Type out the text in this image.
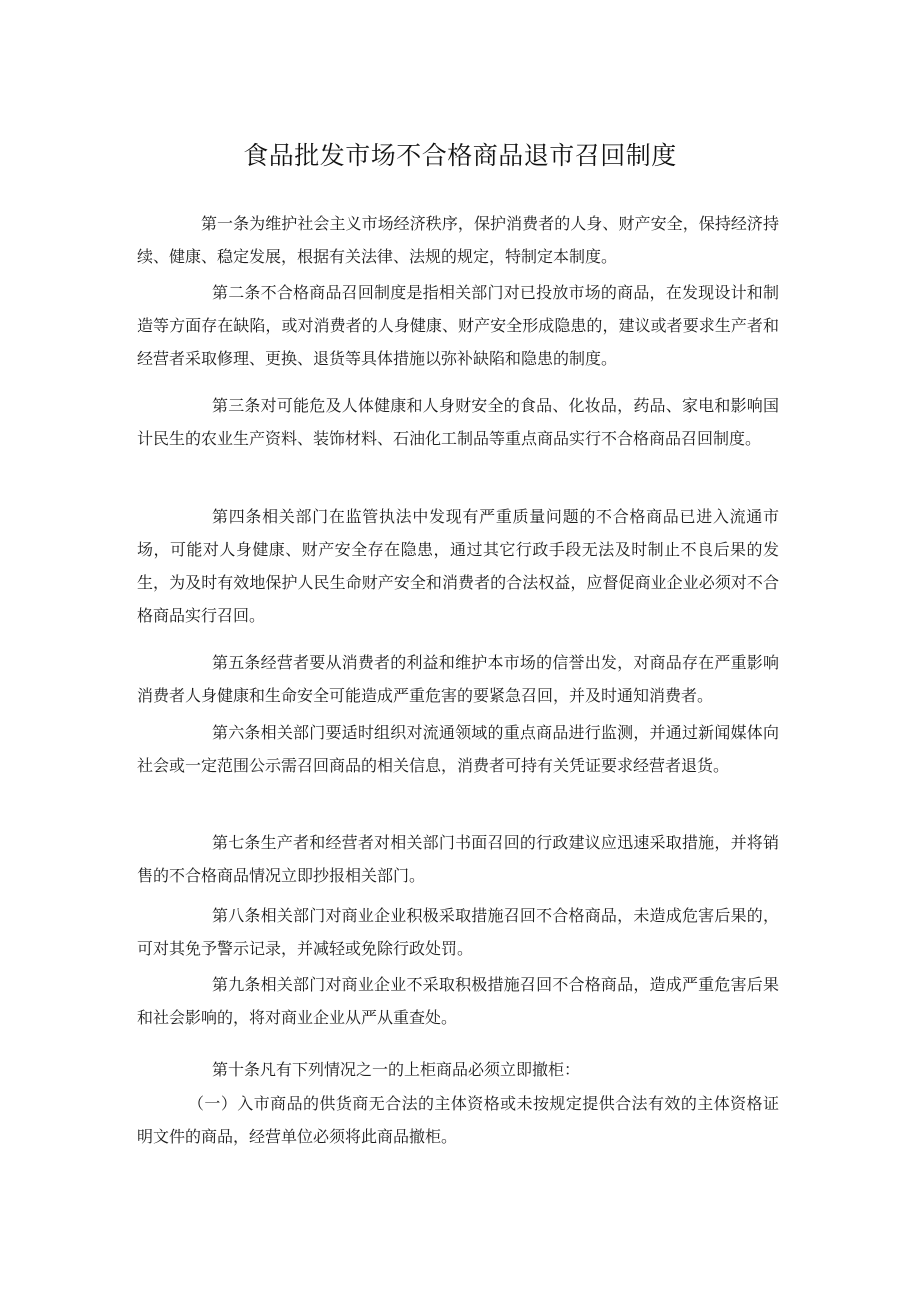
食品批发市场不合格商品退市召回制度

第一条为维护社会主义市场经济秩序，保护消费者的人身、财产安全，保持经济持续、健康、稳定发展，根据有关法律、法规的规定，特制定本制度。

第二条不合格商品召回制度是指相关部门对已投放市场的商品，在发现设计和制造等方面存在缺陷，或对消费者的人身健康、财产安全形成隐患的，建议或者要求生产者和经营者采取修理、更换、退货等具体措施以弥补缺陷和隐患的制度。

第三条对可能危及人体健康和人身财安全的食品、化妆品，药品、家电和影响国计民生的农业生产资料、装饰材料、石油化工制品等重点商品实行不合格商品召回制度。

第四条相关部门在监管执法中发现有严重质量问题的不合格商品已进入流通市场，可能对人身健康、财产安全存在隐患，通过其它行政手段无法及时制止不良后果的发生，为及时有效地保护人民生命财产安全和消费者的合法权益，应督促商业企业必须对不合格商品实行召回。

第五条经营者要从消费者的利益和维护本市场的信誉出发，对商品存在严重影响消费者人身健康和生命安全可能造成严重危害的要紧急召回，并及时通知消费者。

第六条相关部门要适时组织对流通领域的重点商品进行监测，并通过新闻媒体向社会或一定范围公示需召回商品的相关信息，消费者可持有关凭证要求经营者退货。

第七条生产者和经营者对相关部门书面召回的行政建议应迅速采取措施，并将销售的不合格商品情况立即抄报相关部门。

第八条相关部门对商业企业积极采取措施召回不合格商品，未造成危害后果的，可对其免予警示记录，并减轻或免除行政处罚。

第九条相关部门对商业企业不采取积极措施召回不合格商品，造成严重危害后果和社会影响的，将对商业企业从严从重查处。

第十条凡有下列情况之一的上柜商品必须立即撤柜：

（一）入市商品的供货商无合法的主体资格或未按规定提供合法有效的主体资格证明文件的商品，经营单位必须将此商品撤柜。
